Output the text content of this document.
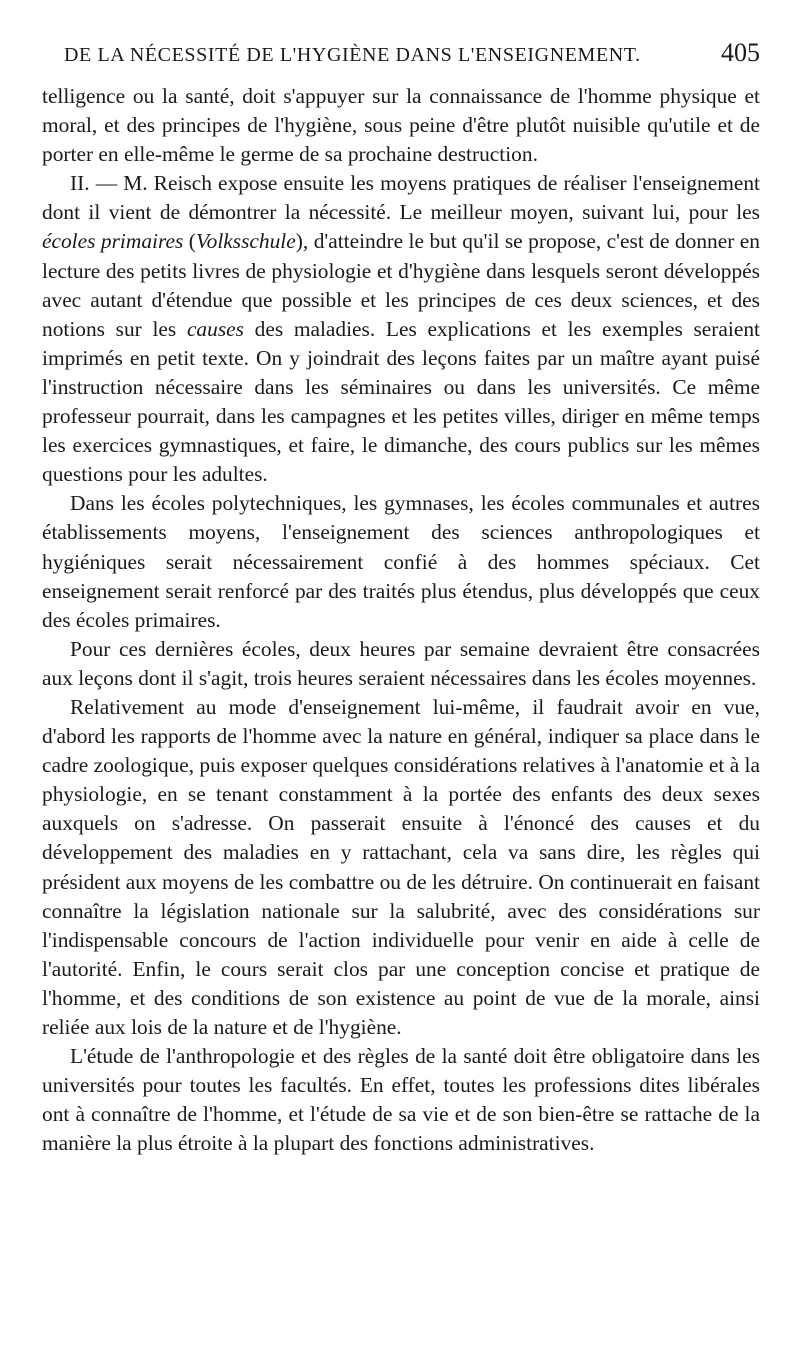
DE LA NÉCESSITÉ DE L'HYGIÈNE DANS L'ENSEIGNEMENT.	405

telligence ou la santé, doit s'appuyer sur la connaissance de l'homme physique et moral, et des principes de l'hygiène, sous peine d'être plutôt nuisible qu'utile et de porter en elle-même le germe de sa prochaine destruction.

II. — M. Reisch expose ensuite les moyens pratiques de réaliser l'enseignement dont il vient de démontrer la nécessité. Le meilleur moyen, suivant lui, pour les écoles primaires (Volksschule), d'atteindre le but qu'il se propose, c'est de donner en lecture des petits livres de physiologie et d'hygiène dans lesquels seront développés avec autant d'étendue que possible et les principes de ces deux sciences, et des notions sur les causes des maladies. Les explications et les exemples seraient imprimés en petit texte. On y joindrait des leçons faites par un maître ayant puisé l'instruction nécessaire dans les séminaires ou dans les universités. Ce même professeur pourrait, dans les campagnes et les petites villes, diriger en même temps les exercices gymnastiques, et faire, le dimanche, des cours publics sur les mêmes questions pour les adultes.

Dans les écoles polytechniques, les gymnases, les écoles communales et autres établissements moyens, l'enseignement des sciences anthropologiques et hygiéniques serait nécessairement confié à des hommes spéciaux. Cet enseignement serait renforcé par des traités plus étendus, plus développés que ceux des écoles primaires.

Pour ces dernières écoles, deux heures par semaine devraient être consacrées aux leçons dont il s'agit, trois heures seraient nécessaires dans les écoles moyennes.

Relativement au mode d'enseignement lui-même, il faudrait avoir en vue, d'abord les rapports de l'homme avec la nature en général, indiquer sa place dans le cadre zoologique, puis exposer quelques considérations relatives à l'anatomie et à la physiologie, en se tenant constamment à la portée des enfants des deux sexes auxquels on s'adresse. On passerait ensuite à l'énoncé des causes et du développement des maladies en y rattachant, cela va sans dire, les règles qui président aux moyens de les combattre ou de les détruire. On continuerait en faisant connaître la législation nationale sur la salubrité, avec des considérations sur l'indispensable concours de l'action individuelle pour venir en aide à celle de l'autorité. Enfin, le cours serait clos par une conception concise et pratique de l'homme, et des conditions de son existence au point de vue de la morale, ainsi reliée aux lois de la nature et de l'hygiène.

L'étude de l'anthropologie et des règles de la santé doit être obligatoire dans les universités pour toutes les facultés. En effet, toutes les professions dites libérales ont à connaître de l'homme, et l'étude de sa vie et de son bien-être se rattache de la manière la plus étroite à la plupart des fonctions administratives.
